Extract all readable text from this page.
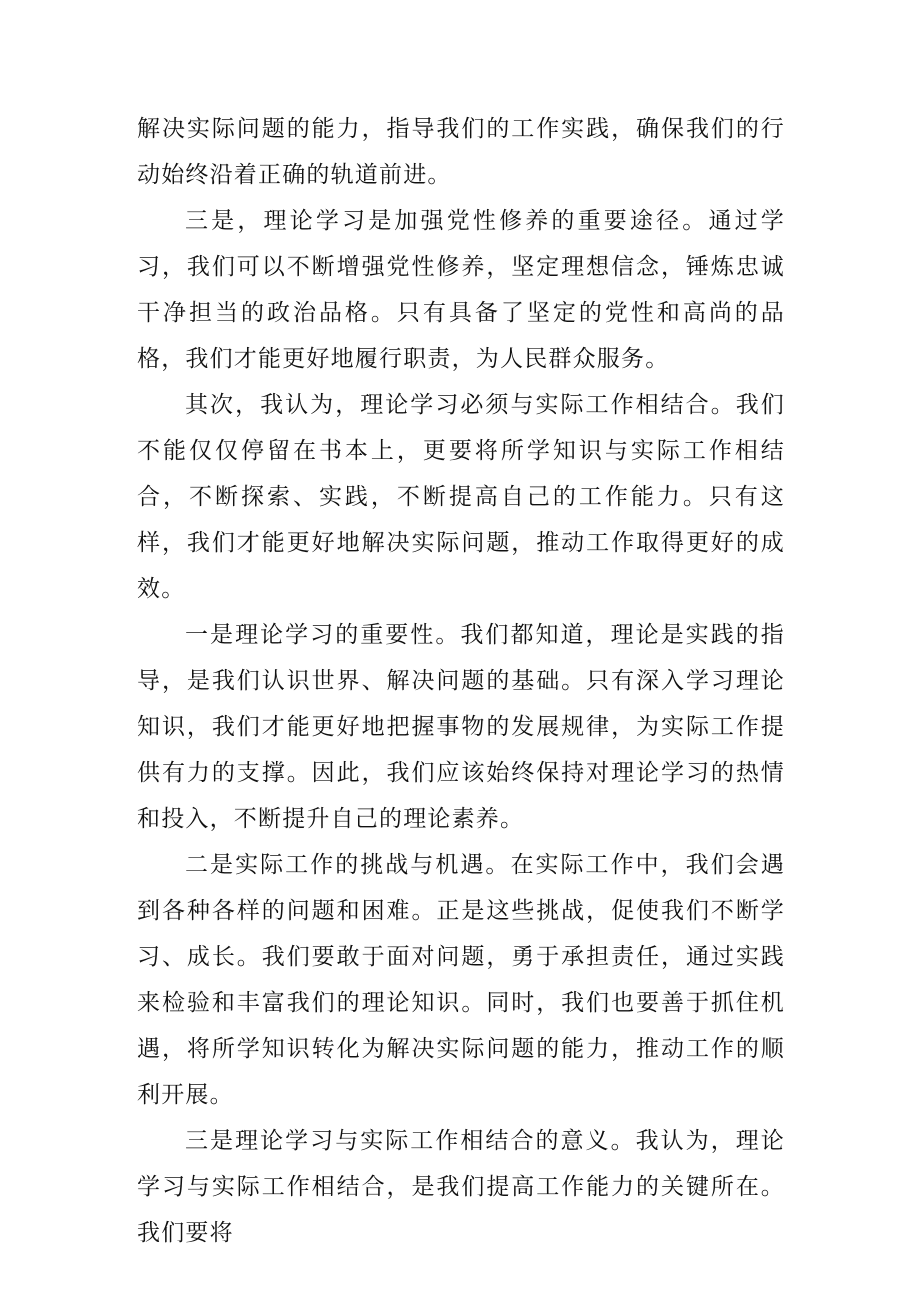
解决实际问题的能力，指导我们的工作实践，确保我们的行动始终沿着正确的轨道前进。

三是，理论学习是加强党性修养的重要途径。通过学习，我们可以不断增强党性修养，坚定理想信念，锤炼忠诚干净担当的政治品格。只有具备了坚定的党性和高尚的品格，我们才能更好地履行职责，为人民群众服务。

其次，我认为，理论学习必须与实际工作相结合。我们不能仅仅停留在书本上，更要将所学知识与实际工作相结合，不断探索、实践，不断提高自己的工作能力。只有这样，我们才能更好地解决实际问题，推动工作取得更好的成效。

一是理论学习的重要性。我们都知道，理论是实践的指导，是我们认识世界、解决问题的基础。只有深入学习理论知识，我们才能更好地把握事物的发展规律，为实际工作提供有力的支撑。因此，我们应该始终保持对理论学习的热情和投入，不断提升自己的理论素养。

二是实际工作的挑战与机遇。在实际工作中，我们会遇到各种各样的问题和困难。正是这些挑战，促使我们不断学习、成长。我们要敢于面对问题，勇于承担责任，通过实践来检验和丰富我们的理论知识。同时，我们也要善于抓住机遇，将所学知识转化为解决实际问题的能力，推动工作的顺利开展。

三是理论学习与实际工作相结合的意义。我认为，理论学习与实际工作相结合，是我们提高工作能力的关键所在。我们要将
